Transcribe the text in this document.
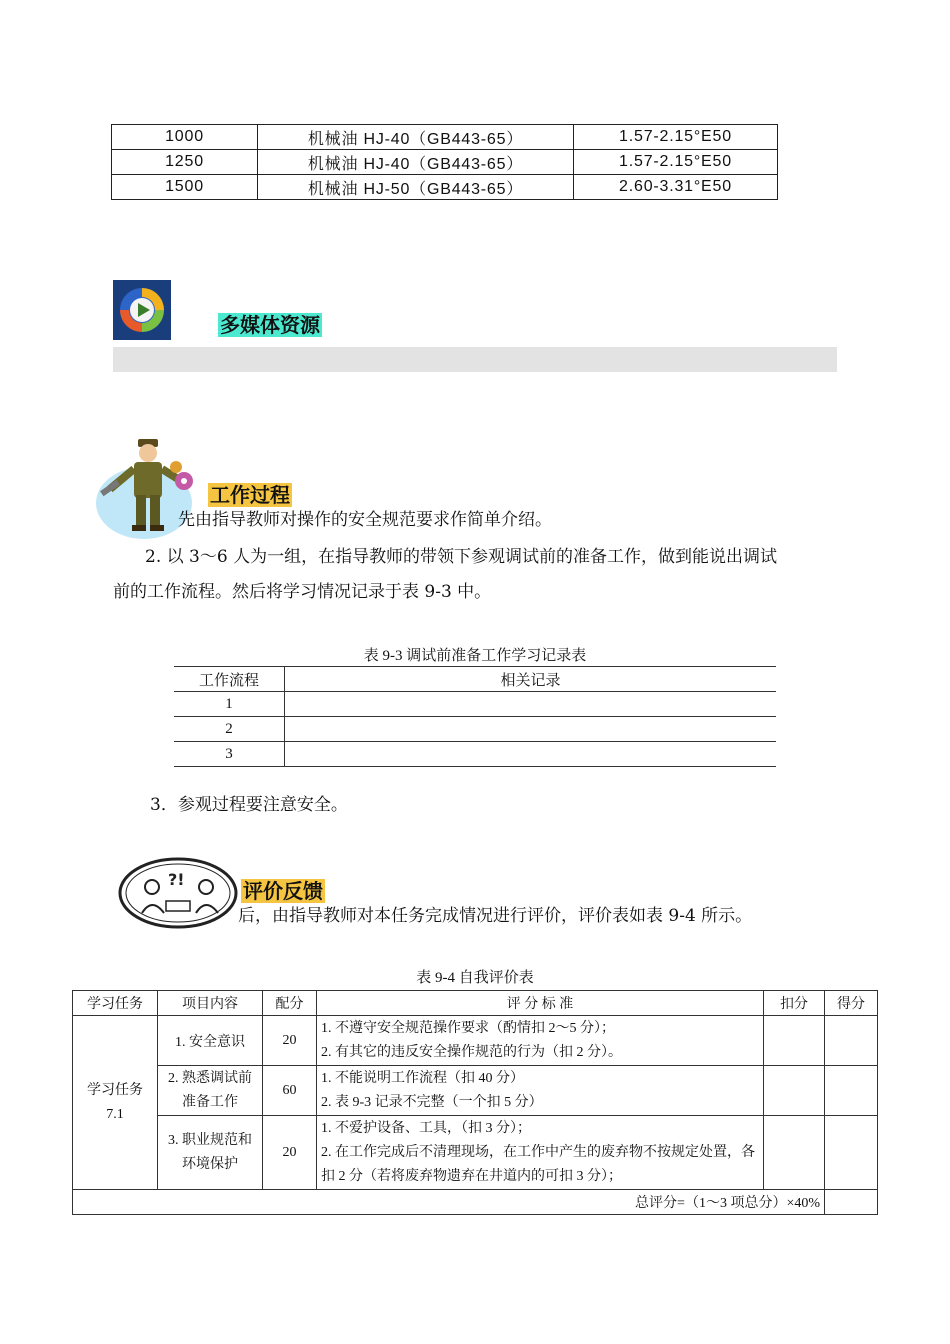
1000	机械油 HJ-40（GB443-65）	1.57-2.15°E50
1250	机械油 HJ-40（GB443-65）	1.57-2.15°E50
1500	机械油 HJ-50（GB443-65）	2.60-3.31°E50
多媒体资源
工作过程
先由指导教师对操作的安全规范要求作简单介绍。
2. 以 3～6 人为一组，在指导教师的带领下参观调试前的准备工作，做到能说出调试
前的工作流程。然后将学习情况记录于表 9-3 中。
表 9-3 调试前准备工作学习记录表
工作流程	相关记录
1	
2	
3	
3．参观过程要注意安全。
?!	评价反馈
后，由指导教师对本任务完成情况进行评价，评价表如表 9-4 所示。
表 9-4 自我评价表
学习任务	项目内容	配分	评 分 标 准	扣分	得分
学习任务 7.1	1. 安全意识	20	1. 不遵守安全规范操作要求（酌情扣 2～5 分）；
2. 有其它的违反安全操作规范的行为（扣 2 分）。		

	2. 熟悉调试前准备工作	60	1. 不能说明工作流程（扣 40 分）
2. 表 9-3 记录不完整（一个扣 5 分）		

	3. 职业规范和环境保护	20	1. 不爱护设备、工具，（扣 3 分）；
2. 在工作完成后不清理现场，在工作中产生的废弃物不按规定处置，各扣 2 分（若将废弃物遗弃在井道内的可扣 3 分）；		

总评分=（1～3 项总分）×40%					
